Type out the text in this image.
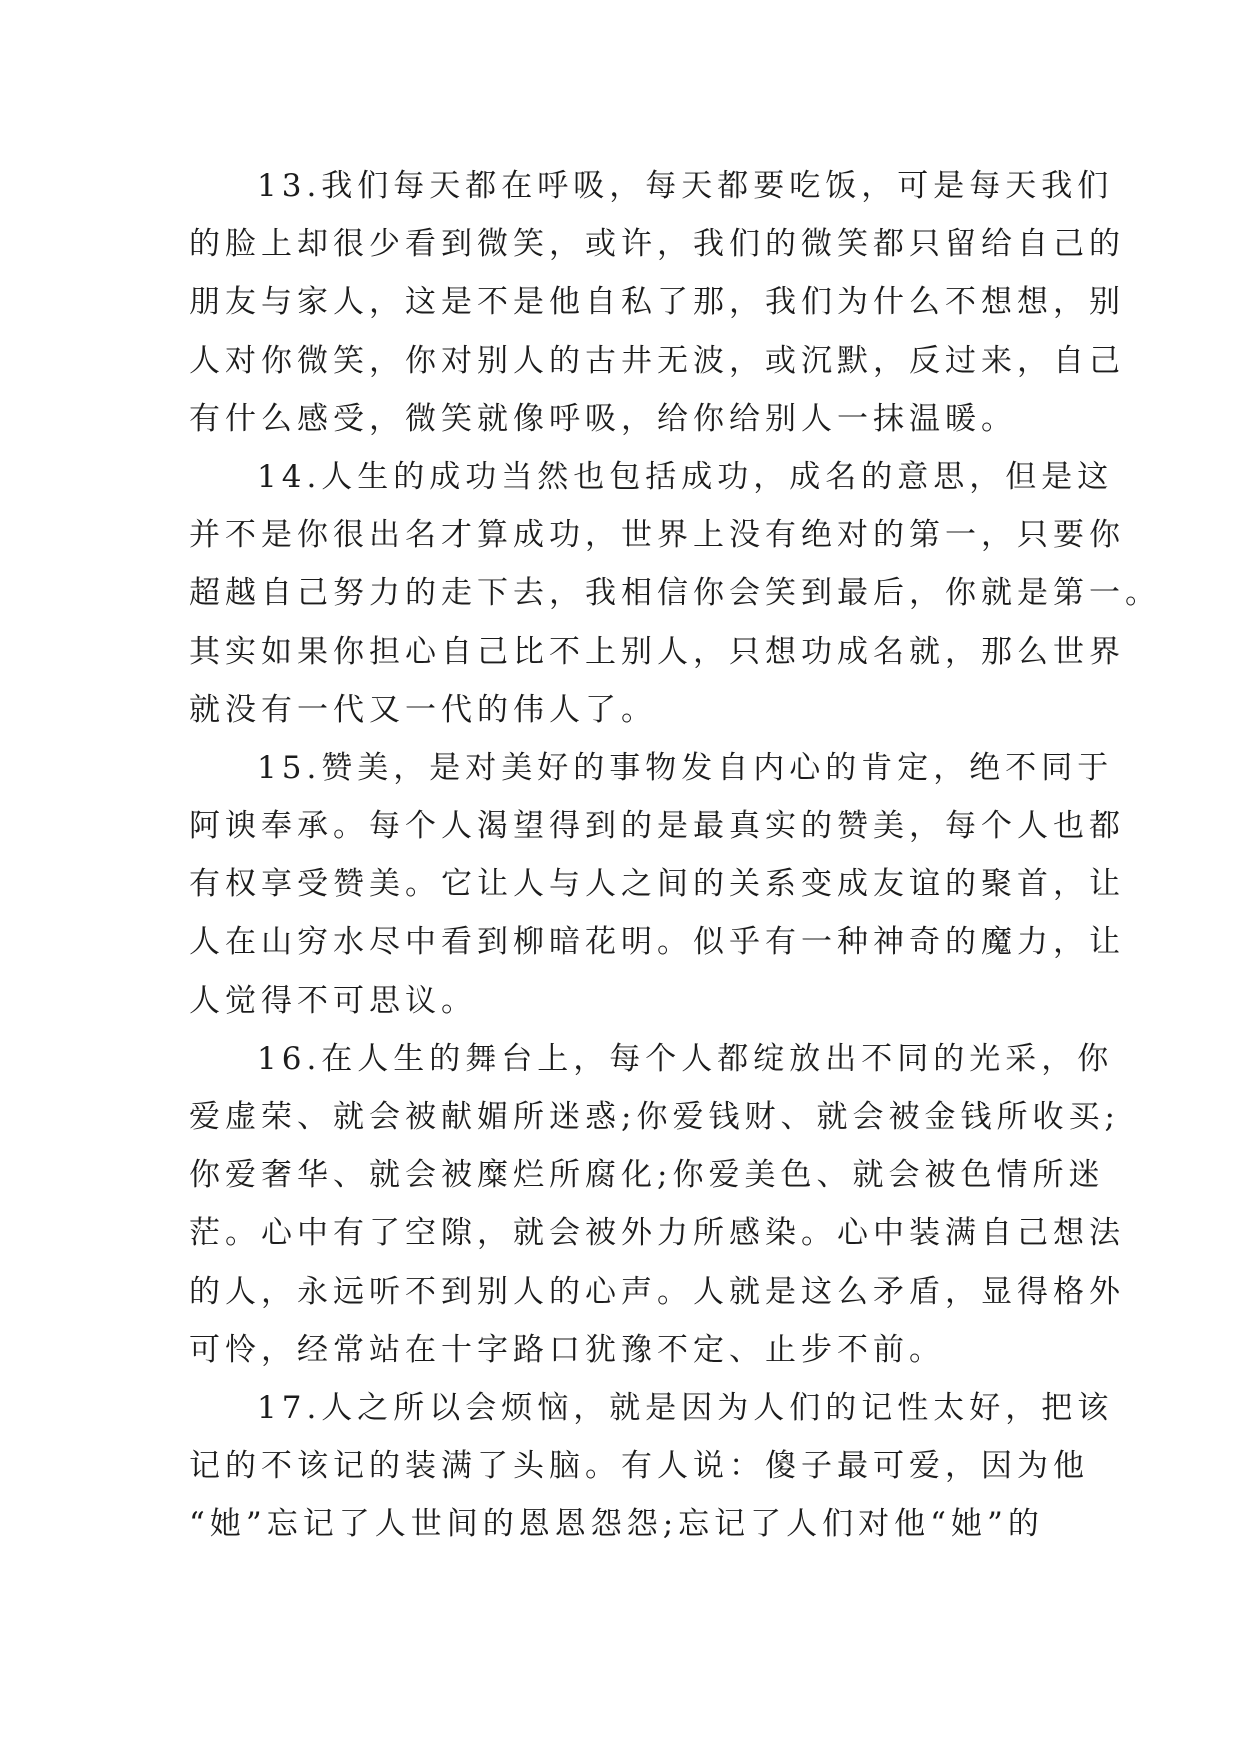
13.我们每天都在呼吸，每天都要吃饭，可是每天我们
的脸上却很少看到微笑，或许，我们的微笑都只留给自己的
朋友与家人，这是不是他自私了那，我们为什么不想想，别
人对你微笑，你对别人的古井无波，或沉默，反过来，自己
有什么感受，微笑就像呼吸，给你给别人一抹温暖。
14.人生的成功当然也包括成功，成名的意思，但是这
并不是你很出名才算成功，世界上没有绝对的第一，只要你
超越自己努力的走下去，我相信你会笑到最后，你就是第一。
其实如果你担心自己比不上别人，只想功成名就，那么世界
就没有一代又一代的伟人了。
15.赞美，是对美好的事物发自内心的肯定，绝不同于
阿谀奉承。每个人渴望得到的是最真实的赞美，每个人也都
有权享受赞美。它让人与人之间的关系变成友谊的聚首，让
人在山穷水尽中看到柳暗花明。似乎有一种神奇的魔力，让
人觉得不可思议。
16.在人生的舞台上，每个人都绽放出不同的光采，你
爱虚荣、就会被献媚所迷惑;你爱钱财、就会被金钱所收买;
你爱奢华、就会被糜烂所腐化;你爱美色、就会被色情所迷
茫。心中有了空隙，就会被外力所感染。心中装满自己想法
的人，永远听不到别人的心声。人就是这么矛盾，显得格外
可怜，经常站在十字路口犹豫不定、止步不前。
17.人之所以会烦恼，就是因为人们的记性太好，把该
记的不该记的装满了头脑。有人说：傻子最可爱，因为他
“她”忘记了人世间的恩恩怨怨;忘记了人们对他“她”的
